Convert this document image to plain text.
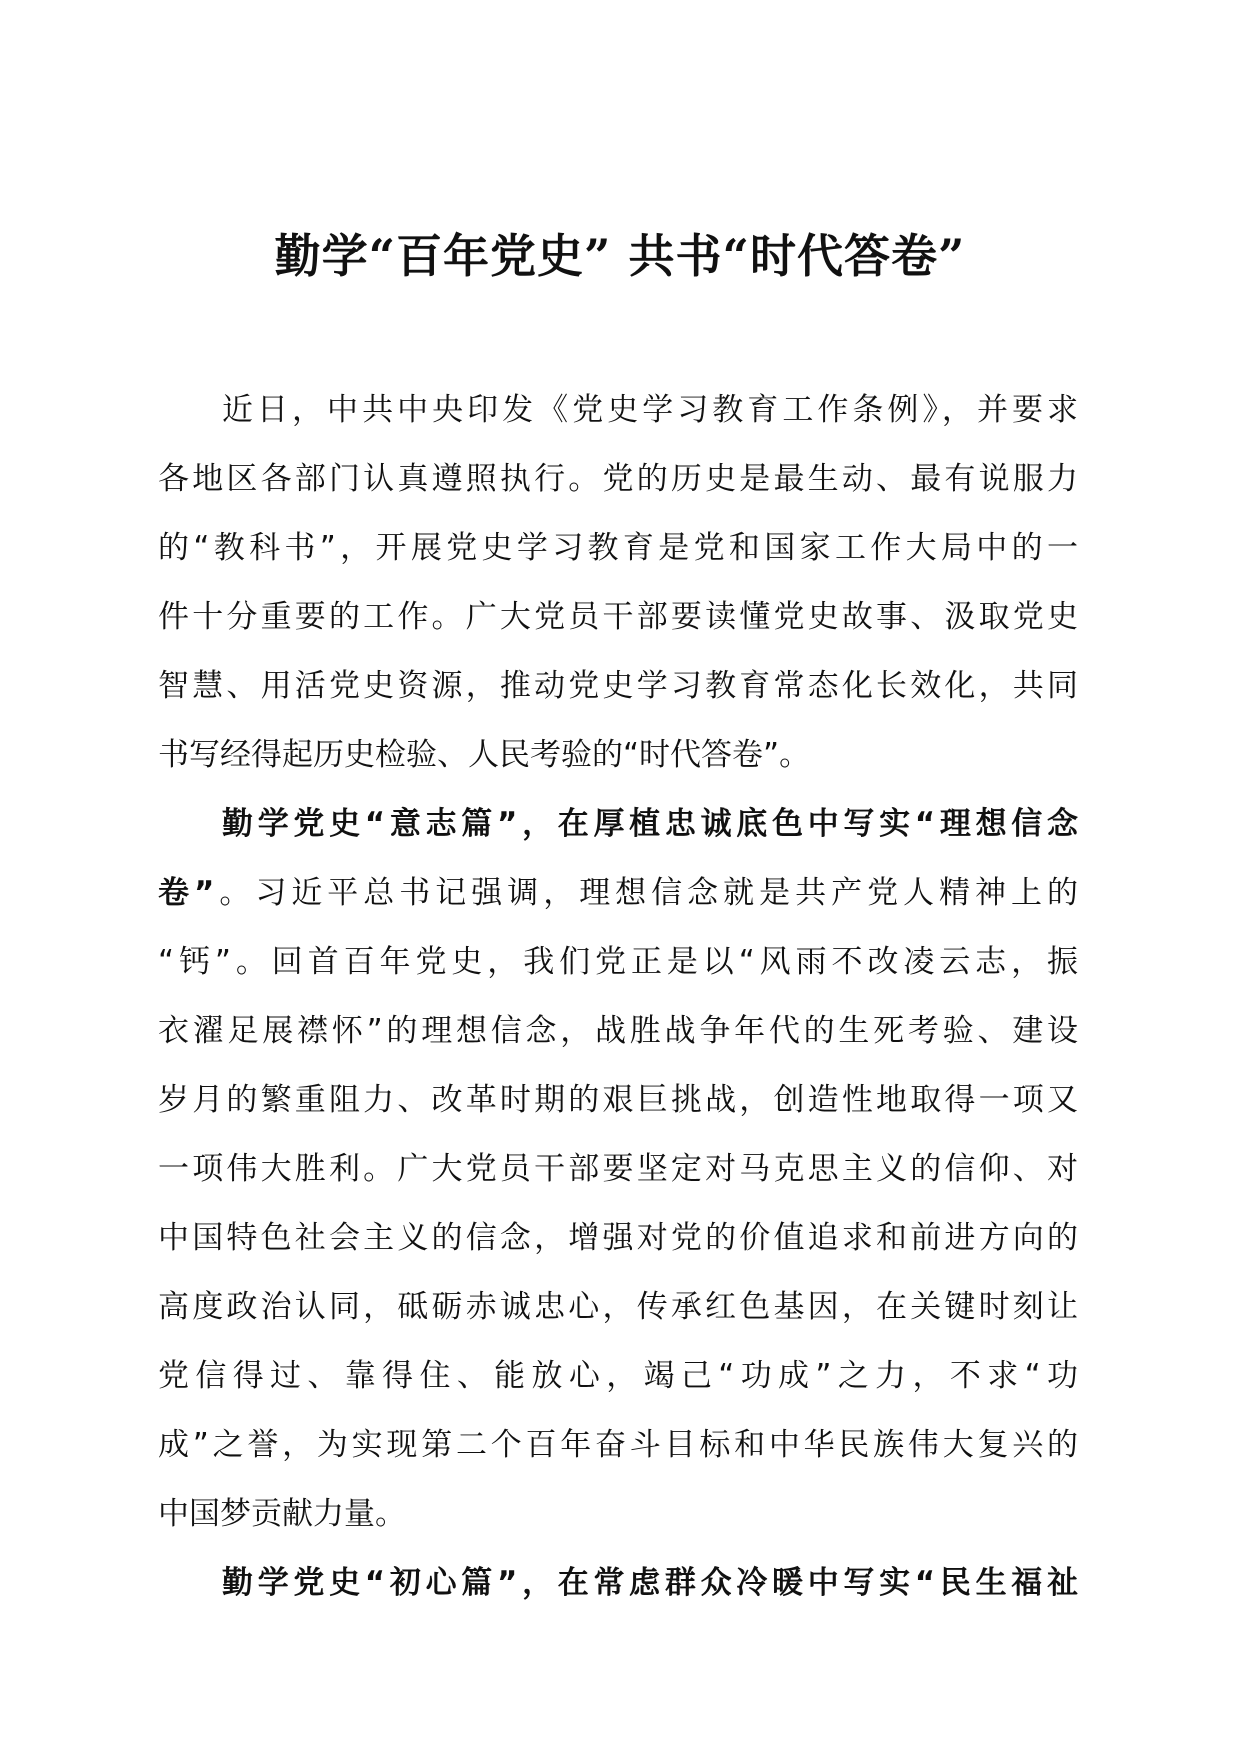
勤学“百年党史” 共书“时代答卷”
近日，中共中央印发《党史学习教育工作条例》，并要求
各地区各部门认真遵照执行。党的历史是最生动、最有说服力
的“教科书”，开展党史学习教育是党和国家工作大局中的一
件十分重要的工作。广大党员干部要读懂党史故事、汲取党史
智慧、用活党史资源，推动党史学习教育常态化长效化，共同
书写经得起历史检验、人民考验的“时代答卷”。
勤学党史“意志篇”，在厚植忠诚底色中写实“理想信念
卷”。习近平总书记强调，理想信念就是共产党人精神上的
“钙”。回首百年党史，我们党正是以“风雨不改凌云志，振
衣濯足展襟怀”的理想信念，战胜战争年代的生死考验、建设
岁月的繁重阻力、改革时期的艰巨挑战，创造性地取得一项又
一项伟大胜利。广大党员干部要坚定对马克思主义的信仰、对
中国特色社会主义的信念，增强对党的价值追求和前进方向的
高度政治认同，砥砺赤诚忠心，传承红色基因，在关键时刻让
党信得过、靠得住、能放心，竭己“功成”之力，不求“功
成”之誉，为实现第二个百年奋斗目标和中华民族伟大复兴的
中国梦贡献力量。
勤学党史“初心篇”，在常虑群众冷暖中写实“民生福祉
